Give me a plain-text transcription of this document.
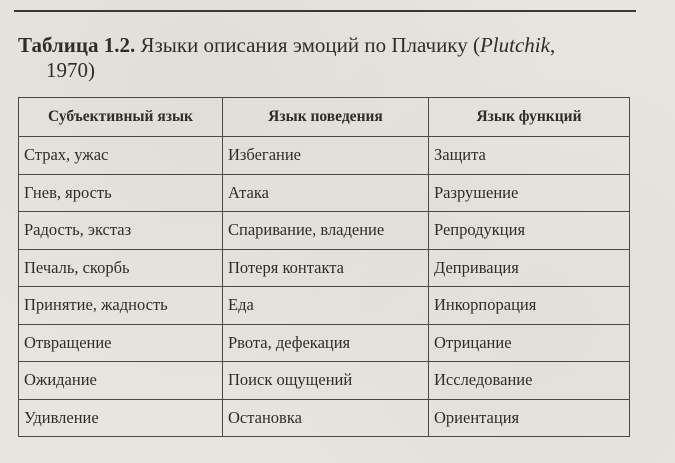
Таблица 1.2. Языки описания эмоций по Плачику (Plutchik,
1970)
Субъективный язык	Язык поведения	Язык функций
Страх, ужас	Избегание	Защита
Гнев, ярость	Атака	Разрушение
Радость, экстаз	Спаривание, владение	Репродукция
Печаль, скорбь	Потеря контакта	Депривация
Принятие, жадность	Еда	Инкорпорация
Отвращение	Рвота, дефекация	Отрицание
Ожидание	Поиск ощущений	Исследование
Удивление	Остановка	Ориентация
